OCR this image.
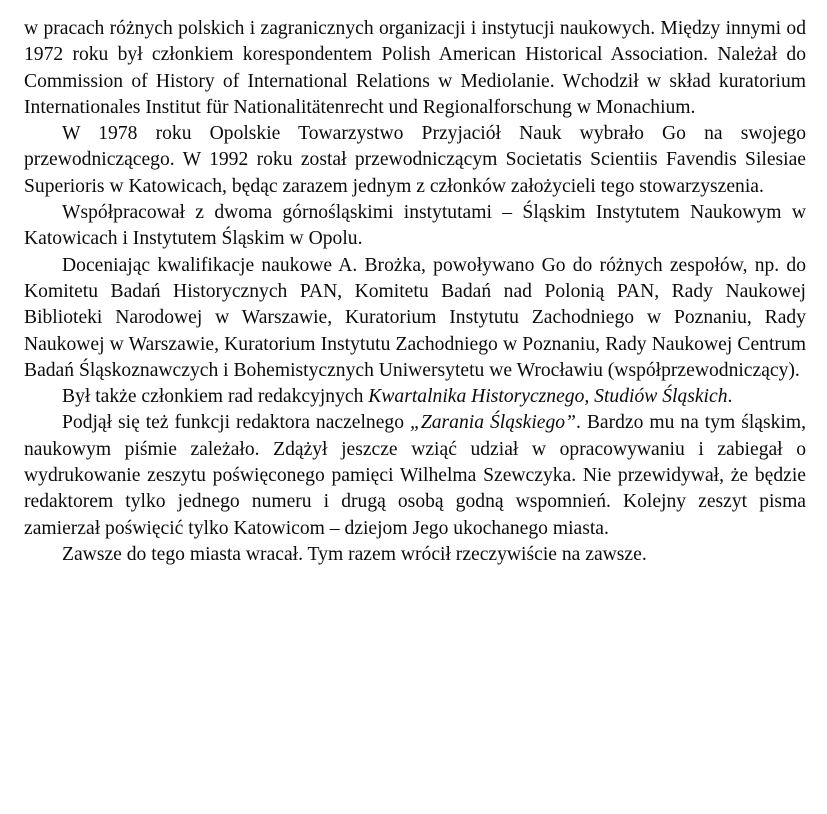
w pracach różnych polskich i zagranicznych organizacji i instytucji naukowych. Między innymi od 1972 roku był członkiem korespondentem Polish American Historical Association. Należał do Commission of History of International Relations w Mediolanie. Wchodził w skład kuratorium Internationales Institut für Nationalitätenrecht und Regionalforschung w Monachium.

W 1978 roku Opolskie Towarzystwo Przyjaciół Nauk wybrało Go na swojego przewodniczącego. W 1992 roku został przewodniczącym Societatis Scientiis Favendis Silesiae Superioris w Katowicach, będąc zarazem jednym z członków założycieli tego stowarzyszenia.

Współpracował z dwoma górnośląskimi instytutami – Śląskim Instytutem Naukowym w Katowicach i Instytutem Śląskim w Opolu.

Doceniając kwalifikacje naukowe A. Brożka, powoływano Go do różnych zespołów, np. do Komitetu Badań Historycznych PAN, Komitetu Badań nad Polonią PAN, Rady Naukowej Biblioteki Narodowej w Warszawie, Kuratorium Instytutu Zachodniego w Poznaniu, Rady Naukowej w Warszawie, Kuratorium Instytutu Zachodniego w Poznaniu, Rady Naukowej Centrum Badań Śląskoznawczych i Bohemistycznych Uniwersytetu we Wrocławiu (współprzewodniczący).

Był także członkiem rad redakcyjnych Kwartalnika Historycznego, Studiów Śląskich.

Podjął się też funkcji redaktora naczelnego „Zarania Śląskiego”. Bardzo mu na tym śląskim, naukowym piśmie zależało. Zdążył jeszcze wziąć udział w opracowywaniu i zabiegał o wydrukowanie zeszytu poświęconego pamięci Wilhelma Szewczyka. Nie przewidywał, że będzie redaktorem tylko jednego numeru i drugą osobą godną wspomnień. Kolejny zeszyt pisma zamierzał poświęcić tylko Katowicom – dziejom Jego ukochanego miasta.

Zawsze do tego miasta wracał. Tym razem wrócił rzeczywiście na zawsze.
